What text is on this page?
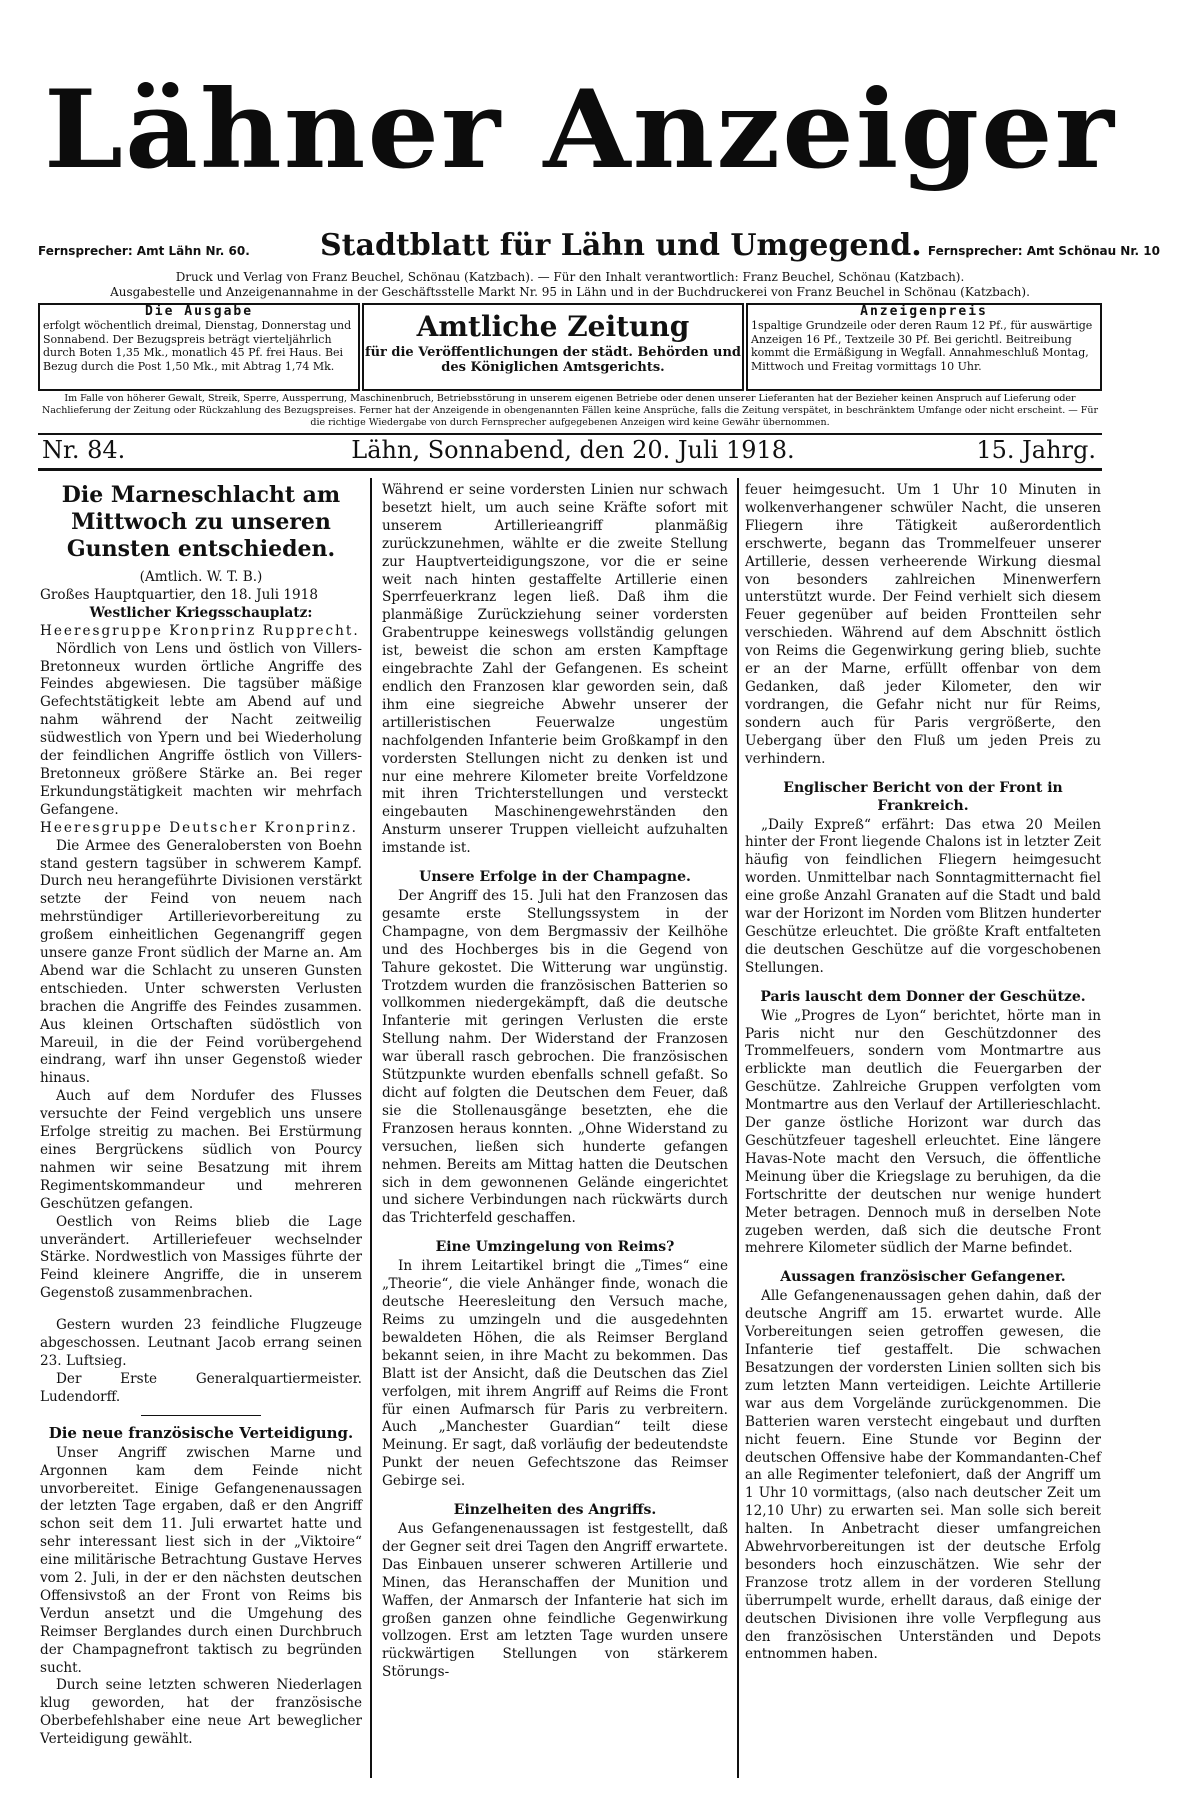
Lähner Anzeiger
Fernsprecher: Amt Lähn Nr. 60. Stadtblatt für Lähn und Umgegend. Fernsprecher: Amt Schönau Nr. 10
Druck und Verlag von Franz Beuchel, Schönau (Katzbach). — Für den Inhalt verantwortlich: Franz Beuchel, Schönau (Katzbach).
Ausgabestelle und Anzeigenannahme in der Geschäftsstelle Markt Nr. 95 in Lähn und in der Buchdruckerei von Franz Beuchel in Schönau (Katzbach).
Die Ausgabe
erfolgt wöchentlich dreimal, Dienstag, Donnerstag und Sonnabend. Der Bezugspreis beträgt vierteljährlich durch Boten 1,35 Mk., monatlich 45 Pf. frei Haus. Bei Bezug durch die Post 1,50 Mk., mit Abtrag 1,74 Mk.
Amtliche Zeitung
für die Veröffentlichungen der städt. Behörden und des Königlichen Amtsgerichts.
Anzeigenpreis
1spaltige Grundzeile oder deren Raum 12 Pf., für auswärtige Anzeigen 16 Pf., Textzeile 30 Pf. Bei gerichtl. Beitreibung kommt die Ermäßigung in Wegfall. Annahmeschluß Montag, Mittwoch und Freitag vormittags 10 Uhr.
Im Falle von höherer Gewalt, Streik, Sperre, Aussperrung, Maschinenbruch, Betriebsstörung in unserem eigenen Betriebe oder denen unserer Lieferanten hat der Bezieher keinen Anspruch auf Lieferung oder Nachlieferung der Zeitung oder Rückzahlung des Bezugspreises. Ferner hat der Anzeigende in obengenannten Fällen keine Ansprüche, falls die Zeitung verspätet, in beschränktem Umfange oder nicht erscheint. — Für die richtige Wiedergabe von durch Fernsprecher aufgegebenen Anzeigen wird keine Gewähr übernommen.
Nr. 84.	Lähn, Sonnabend, den 20. Juli 1918.	15. Jahrg.
Die Marneschlacht am Mittwoch zu unseren Gunsten entschieden.

(Amtlich. W. T. B.)

Großes Hauptquartier, den 18. Juli 1918

Westlicher Kriegsschauplatz:

Heeresgruppe Kronprinz Rupprecht.

Nördlich von Lens und östlich von Villers-Bretonneux wurden örtliche Angriffe des Feindes abgewiesen. Die tagsüber mäßige Gefechtstätigkeit lebte am Abend auf und nahm während der Nacht zeitweilig südwestlich von Ypern und bei Wiederholung der feindlichen Angriffe östlich von Villers-Bretonneux größere Stärke an. Bei reger Erkundungstätigkeit machten wir mehrfach Gefangene.

Heeresgruppe Deutscher Kronprinz.

Die Armee des Generalobersten von Boehn stand gestern tagsüber in schwerem Kampf. Durch neu herangeführte Divisionen verstärkt setzte der Feind von neuem nach mehrstündiger Artillerievorbereitung zu großem einheitlichen Gegenangriff gegen unsere ganze Front südlich der Marne an. Am Abend war die Schlacht zu unseren Gunsten entschieden. Unter schwersten Verlusten brachen die Angriffe des Feindes zusammen. Aus kleinen Ortschaften südöstlich von Mareuil, in die der Feind vorübergehend eindrang, warf ihn unser Gegenstoß wieder hinaus.

Auch auf dem Nordufer des Flusses versuchte der Feind vergeblich uns unsere Erfolge streitig zu machen. Bei Erstürmung eines Bergrückens südlich von Pourcy nahmen wir seine Besatzung mit ihrem Regimentskommandeur und mehreren Geschützen gefangen.

Oestlich von Reims blieb die Lage unverändert. Artilleriefeuer wechselnder Stärke. Nordwestlich von Massiges führte der Feind kleinere Angriffe, die in unserem Gegenstoß zusammenbrachen.

Gestern wurden 23 feindliche Flugzeuge abgeschossen. Leutnant Jacob errang seinen 23. Luftsieg.

Der Erste Generalquartiermeister. Ludendorff.

Die neue französische Verteidigung.

Unser Angriff zwischen Marne und Argonnen kam dem Feinde nicht unvorbereitet. Einige Gefangenenaussagen der letzten Tage ergaben, daß er den Angriff schon seit dem 11. Juli erwartet hatte und sehr interessant liest sich in der „Viktoire“ eine militärische Betrachtung Gustave Herves vom 2. Juli, in der er den nächsten deutschen Offensivstoß an der Front von Reims bis Verdun ansetzt und die Umgehung des Reimser Berglandes durch einen Durchbruch der Champagnefront taktisch zu begründen sucht.

Durch seine letzten schweren Niederlagen klug geworden, hat der französische Oberbefehlshaber eine neue Art beweglicher Verteidigung gewählt.

Während er seine vordersten Linien nur schwach besetzt hielt, um auch seine Kräfte sofort mit unserem Artillerieangriff planmäßig zurückzunehmen, wählte er die zweite Stellung zur Hauptverteidigungszone, vor die er seine weit nach hinten gestaffelte Artillerie einen Sperrfeuerkranz legen ließ. Daß ihm die planmäßige Zurückziehung seiner vordersten Grabentruppe keineswegs vollständig gelungen ist, beweist die schon am ersten Kampftage eingebrachte Zahl der Gefangenen. Es scheint endlich den Franzosen klar geworden sein, daß ihm eine siegreiche Abwehr unserer der artilleristischen Feuerwalze ungestüm nachfolgenden Infanterie beim Großkampf in den vordersten Stellungen nicht zu denken ist und nur eine mehrere Kilometer breite Vorfeldzone mit ihren Trichterstellungen und versteckt eingebauten Maschinengewehrständen den Ansturm unserer Truppen vielleicht aufzuhalten imstande ist.

Unsere Erfolge in der Champagne.

Der Angriff des 15. Juli hat den Franzosen das gesamte erste Stellungssystem in der Champagne, von dem Bergmassiv der Keilhöhe und des Hochberges bis in die Gegend von Tahure gekostet. Die Witterung war ungünstig. Trotzdem wurden die französischen Batterien so vollkommen niedergekämpft, daß die deutsche Infanterie mit geringen Verlusten die erste Stellung nahm. Der Widerstand der Franzosen war überall rasch gebrochen. Die französischen Stützpunkte wurden ebenfalls schnell gefaßt. So dicht auf folgten die Deutschen dem Feuer, daß sie die Stollenausgänge besetzten, ehe die Franzosen heraus konnten. „Ohne Widerstand zu versuchen, ließen sich hunderte gefangen nehmen. Bereits am Mittag hatten die Deutschen sich in dem gewonnenen Gelände eingerichtet und sichere Verbindungen nach rückwärts durch das Trichterfeld geschaffen.

Eine Umzingelung von Reims?

In ihrem Leitartikel bringt die „Times“ eine „Theorie“, die viele Anhänger finde, wonach die deutsche Heeresleitung den Versuch mache, Reims zu umzingeln und die ausgedehnten bewaldeten Höhen, die als Reimser Bergland bekannt seien, in ihre Macht zu bekommen. Das Blatt ist der Ansicht, daß die Deutschen das Ziel verfolgen, mit ihrem Angriff auf Reims die Front für einen Aufmarsch für Paris zu verbreitern. Auch „Manchester Guardian“ teilt diese Meinung. Er sagt, daß vorläufig der bedeutendste Punkt der neuen Gefechtszone das Reimser Gebirge sei.

Einzelheiten des Angriffs.

Aus Gefangenenaussagen ist festgestellt, daß der Gegner seit drei Tagen den Angriff erwartete. Das Einbauen unserer schweren Artillerie und Minen, das Heranschaffen der Munition und Waffen, der Anmarsch der Infanterie hat sich im großen ganzen ohne feindliche Gegenwirkung vollzogen. Erst am letzten Tage wurden unsere rückwärtigen Stellungen von stärkerem Störungs-

feuer heimgesucht. Um 1 Uhr 10 Minuten in wolkenverhangener schwüler Nacht, die unseren Fliegern ihre Tätigkeit außerordentlich erschwerte, begann das Trommelfeuer unserer Artillerie, dessen verheerende Wirkung diesmal von besonders zahlreichen Minenwerfern unterstützt wurde. Der Feind verhielt sich diesem Feuer gegenüber auf beiden Frontteilen sehr verschieden. Während auf dem Abschnitt östlich von Reims die Gegenwirkung gering blieb, suchte er an der Marne, erfüllt offenbar von dem Gedanken, daß jeder Kilometer, den wir vordrangen, die Gefahr nicht nur für Reims, sondern auch für Paris vergrößerte, den Uebergang über den Fluß um jeden Preis zu verhindern.

Englischer Bericht von der Front in Frankreich.

„Daily Expreß“ erfährt: Das etwa 20 Meilen hinter der Front liegende Chalons ist in letzter Zeit häufig von feindlichen Fliegern heimgesucht worden. Unmittelbar nach Sonntagmitternacht fiel eine große Anzahl Granaten auf die Stadt und bald war der Horizont im Norden vom Blitzen hunderter Geschütze erleuchtet. Die größte Kraft entfalteten die deutschen Geschütze auf die vorgeschobenen Stellungen.

Paris lauscht dem Donner der Geschütze.

Wie „Progres de Lyon“ berichtet, hörte man in Paris nicht nur den Geschützdonner des Trommelfeuers, sondern vom Montmartre aus erblickte man deutlich die Feuergarben der Geschütze. Zahlreiche Gruppen verfolgten vom Montmartre aus den Verlauf der Artillerieschlacht. Der ganze östliche Horizont war durch das Geschützfeuer tageshell erleuchtet. Eine längere Havas-Note macht den Versuch, die öffentliche Meinung über die Kriegslage zu beruhigen, da die Fortschritte der deutschen nur wenige hundert Meter betragen. Dennoch muß in derselben Note zugeben werden, daß sich die deutsche Front mehrere Kilometer südlich der Marne befindet.

Aussagen französischer Gefangener.

Alle Gefangenenaussagen gehen dahin, daß der deutsche Angriff am 15. erwartet wurde. Alle Vorbereitungen seien getroffen gewesen, die Infanterie tief gestaffelt. Die schwachen Besatzungen der vordersten Linien sollten sich bis zum letzten Mann verteidigen. Leichte Artillerie war aus dem Vorgelände zurückgenommen. Die Batterien waren verstecht eingebaut und durften nicht feuern. Eine Stunde vor Beginn der deutschen Offensive habe der Kommandanten-Chef an alle Regimenter telefoniert, daß der Angriff um 1 Uhr 10 vormittags, (also nach deutscher Zeit um 12,10 Uhr) zu erwarten sei. Man solle sich bereit halten. In Anbetracht dieser umfangreichen Abwehrvorbereitungen ist der deutsche Erfolg besonders hoch einzuschätzen. Wie sehr der Franzose trotz allem in der vorderen Stellung überrumpelt wurde, erhellt daraus, daß einige der deutschen Divisionen ihre volle Verpflegung aus den französischen Unterständen und Depots entnommen haben.
